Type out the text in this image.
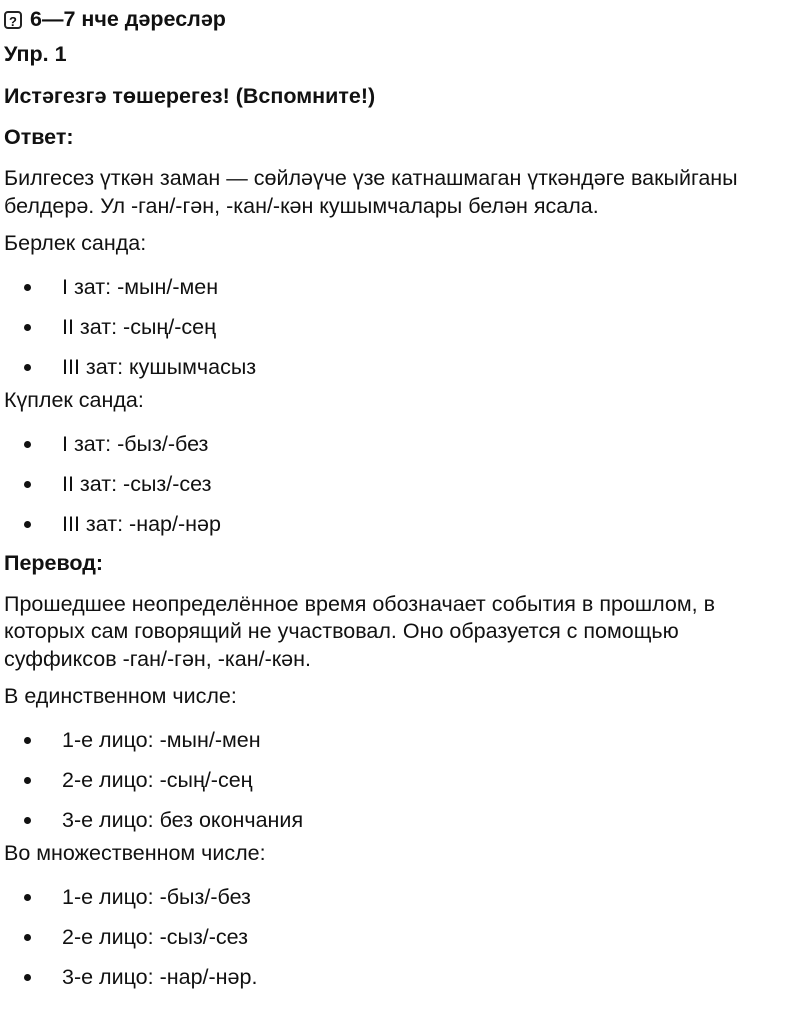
? 6—7 нче дәресләр
Упр. 1
Истәгезгә төшерегез! (Вспомните!)
Ответ:

Билгесез үткән заман — сөйләүче үзе катнашмаган үткәндәге вакыйганы белдерә. Ул -ган/-гән, -кан/-кән кушымчалары белән ясала.

Берлек санда:

I зат: -мын/-мен
II зат: -сың/-сең
III зат: кушымчасыз

Күплек санда:

I зат: -быз/-без
II зат: -сыз/-сез
III зат: -нар/-нәр
Перевод:

Прошедшее неопределённое время обозначает события в прошлом, в которых сам говорящий не участвовал. Оно образуется с помощью суффиксов -ган/-гән, -кан/-кән.

В единственном числе:

1-е лицо: -мын/-мен
2-е лицо: -сың/-сең
3-е лицо: без окончания

Во множественном числе:

1-е лицо: -быз/-без
2-е лицо: -сыз/-сез
3-е лицо: -нар/-нәр.
